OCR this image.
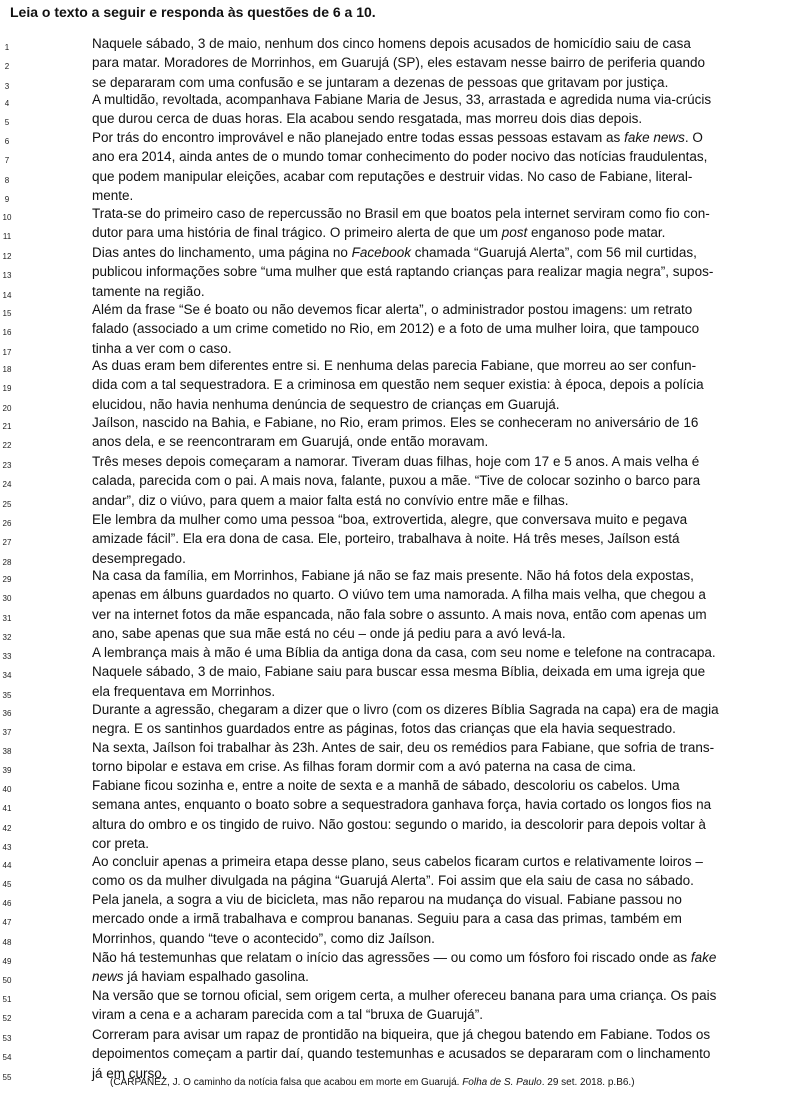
Leia o texto a seguir e responda às questões de 6 a 10.
1	Naquele sábado, 3 de maio, nenhum dos cinco homens depois acusados de homicídio saiu de casa
2	para matar. Moradores de Morrinhos, em Guarujá (SP), eles estavam nesse bairro de periferia quando
3	se depararam com uma confusão e se juntaram a dezenas de pessoas que gritavam por justiça.
4	A multidão, revoltada, acompanhava Fabiane Maria de Jesus, 33, arrastada e agredida numa via-crúcis
5	que durou cerca de duas horas. Ela acabou sendo resgatada, mas morreu dois dias depois.
6	Por trás do encontro improvável e não planejado entre todas essas pessoas estavam as fake news. O
7	ano era 2014, ainda antes de o mundo tomar conhecimento do poder nocivo das notícias fraudulentas,
8	que podem manipular eleições, acabar com reputações e destruir vidas. No caso de Fabiane, literal-
9	mente.
10	Trata-se do primeiro caso de repercussão no Brasil em que boatos pela internet serviram como fio con-
11	dutor para uma história de final trágico. O primeiro alerta de que um post enganoso pode matar.
12	Dias antes do linchamento, uma página no Facebook chamada “Guarujá Alerta”, com 56 mil curtidas,
13	publicou informações sobre “uma mulher que está raptando crianças para realizar magia negra”, supos-
14	tamente na região.
15	Além da frase “Se é boato ou não devemos ficar alerta”, o administrador postou imagens: um retrato
16	falado (associado a um crime cometido no Rio, em 2012) e a foto de uma mulher loira, que tampouco
17	tinha a ver com o caso.
18	As duas eram bem diferentes entre si. E nenhuma delas parecia Fabiane, que morreu ao ser confun-
19	dida com a tal sequestradora. E a criminosa em questão nem sequer existia: à época, depois a polícia
20	elucidou, não havia nenhuma denúncia de sequestro de crianças em Guarujá.
21	Jaílson, nascido na Bahia, e Fabiane, no Rio, eram primos. Eles se conheceram no aniversário de 16
22	anos dela, e se reencontraram em Guarujá, onde então moravam.
23	Três meses depois começaram a namorar. Tiveram duas filhas, hoje com 17 e 5 anos. A mais velha é
24	calada, parecida com o pai. A mais nova, falante, puxou a mãe. “Tive de colocar sozinho o barco para
25	andar”, diz o viúvo, para quem a maior falta está no convívio entre mãe e filhas.
26	Ele lembra da mulher como uma pessoa “boa, extrovertida, alegre, que conversava muito e pegava
27	amizade fácil”. Ela era dona de casa. Ele, porteiro, trabalhava à noite. Há três meses, Jaílson está
28	desempregado.
29	Na casa da família, em Morrinhos, Fabiane já não se faz mais presente. Não há fotos dela expostas,
30	apenas em álbuns guardados no quarto. O viúvo tem uma namorada. A filha mais velha, que chegou a
31	ver na internet fotos da mãe espancada, não fala sobre o assunto. A mais nova, então com apenas um
32	ano, sabe apenas que sua mãe está no céu – onde já pediu para a avó levá-la.
33	A lembrança mais à mão é uma Bíblia da antiga dona da casa, com seu nome e telefone na contracapa.
34	Naquele sábado, 3 de maio, Fabiane saiu para buscar essa mesma Bíblia, deixada em uma igreja que
35	ela frequentava em Morrinhos.
36	Durante a agressão, chegaram a dizer que o livro (com os dizeres Bíblia Sagrada na capa) era de magia
37	negra. E os santinhos guardados entre as páginas, fotos das crianças que ela havia sequestrado.
38	Na sexta, Jaílson foi trabalhar às 23h. Antes de sair, deu os remédios para Fabiane, que sofria de trans-
39	torno bipolar e estava em crise. As filhas foram dormir com a avó paterna na casa de cima.
40	Fabiane ficou sozinha e, entre a noite de sexta e a manhã de sábado, descoloriu os cabelos. Uma
41	semana antes, enquanto o boato sobre a sequestradora ganhava força, havia cortado os longos fios na
42	altura do ombro e os tingido de ruivo. Não gostou: segundo o marido, ia descolorir para depois voltar à
43	cor preta.
44	Ao concluir apenas a primeira etapa desse plano, seus cabelos ficaram curtos e relativamente loiros –
45	como os da mulher divulgada na página “Guarujá Alerta”. Foi assim que ela saiu de casa no sábado.
46	Pela janela, a sogra a viu de bicicleta, mas não reparou na mudança do visual. Fabiane passou no
47	mercado onde a irmã trabalhava e comprou bananas. Seguiu para a casa das primas, também em
48	Morrinhos, quando “teve o acontecido”, como diz Jaílson.
49	Não há testemunhas que relatam o início das agressões — ou como um fósforo foi riscado onde as fake
50	news já haviam espalhado gasolina.
51	Na versão que se tornou oficial, sem origem certa, a mulher ofereceu banana para uma criança. Os pais
52	viram a cena e a acharam parecida com a tal “bruxa de Guarujá”.
53	Correram para avisar um rapaz de prontidão na biqueira, que já chegou batendo em Fabiane. Todos os
54	depoimentos começam a partir daí, quando testemunhas e acusados se depararam com o linchamento
55	já em curso.
(CARPANEZ, J. O caminho da notícia falsa que acabou em morte em Guarujá. Folha de S. Paulo. 29 set. 2018. p.B6.)
